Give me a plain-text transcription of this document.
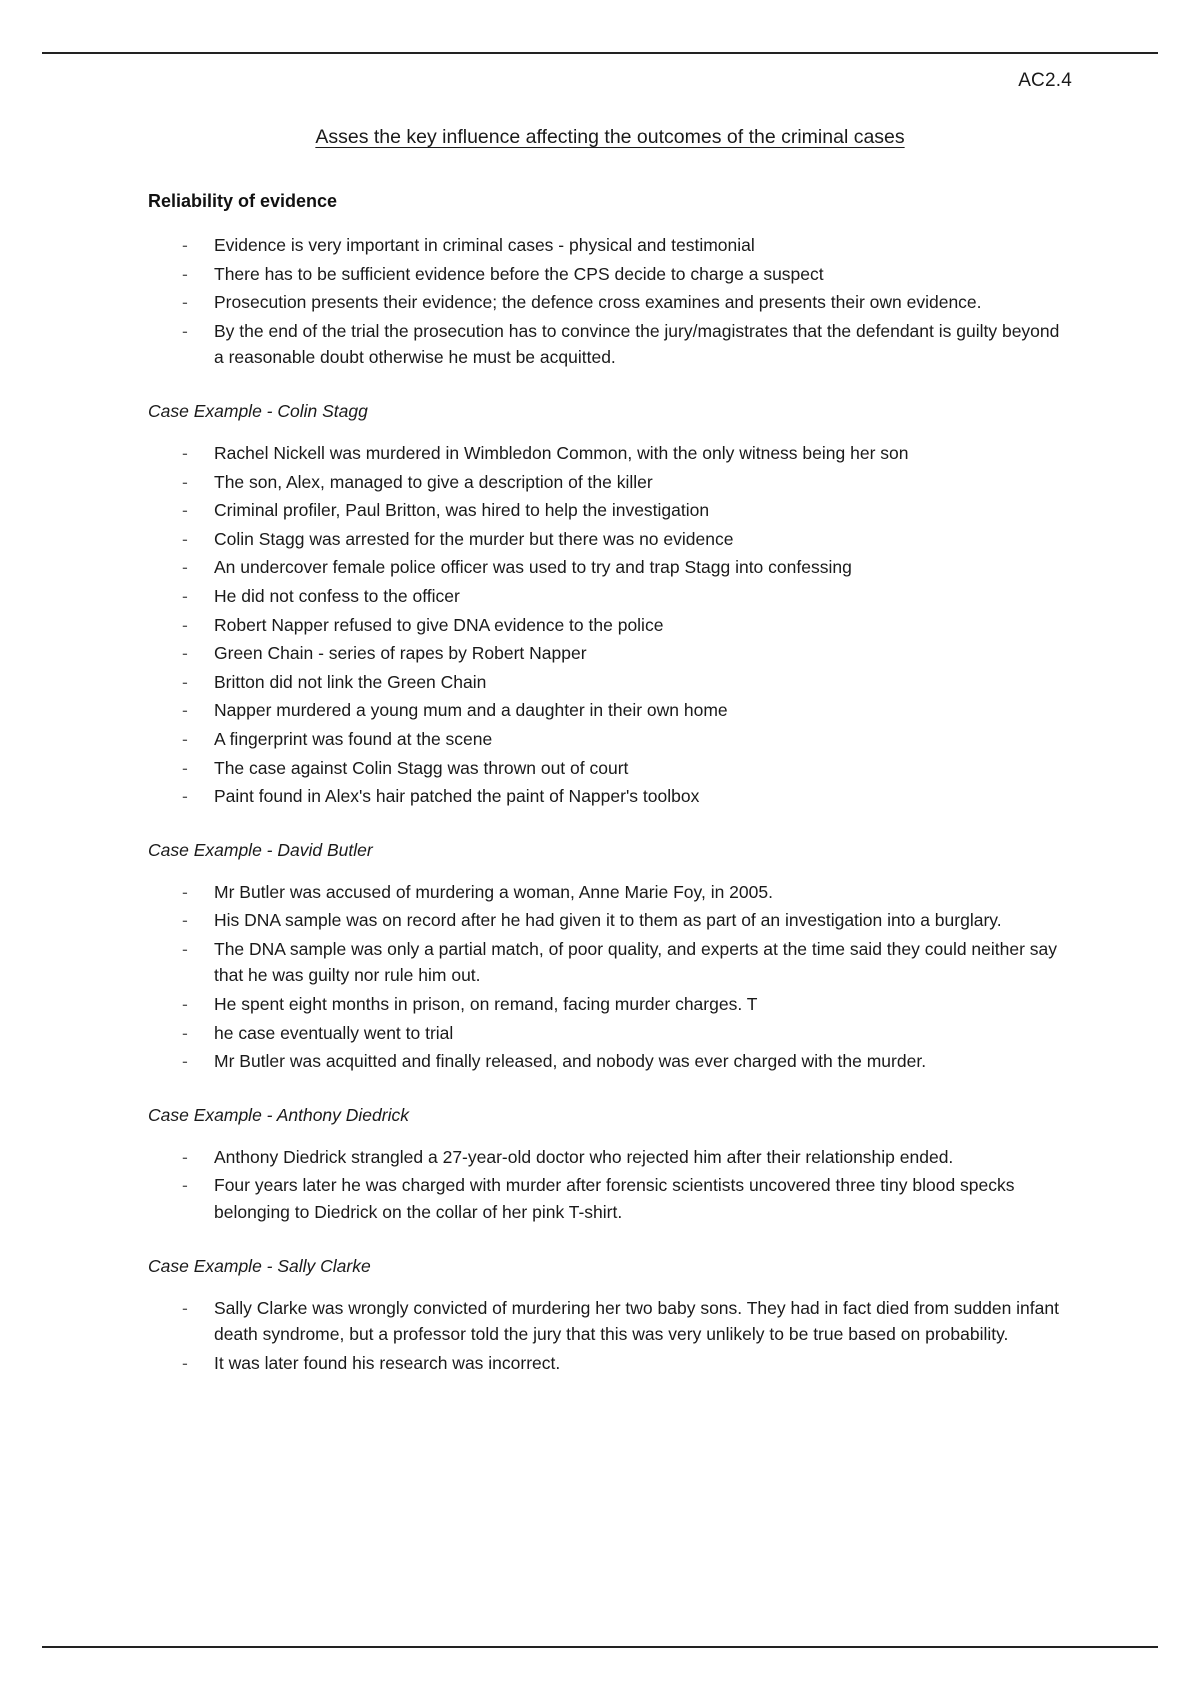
AC2.4
Asses the key influence affecting the outcomes of the criminal cases
Reliability of evidence
- Evidence is very important in criminal cases - physical and testimonial
- There has to be sufficient evidence before the CPS decide to charge a suspect
- Prosecution presents their evidence; the defence cross examines and presents their own evidence.
- By the end of the trial the prosecution has to convince the jury/magistrates that the defendant is guilty beyond a reasonable doubt otherwise he must be acquitted.
Case Example - Colin Stagg
- Rachel Nickell was murdered in Wimbledon Common, with the only witness being her son
- The son, Alex, managed to give a description of the killer
- Criminal profiler, Paul Britton, was hired to help the investigation
- Colin Stagg was arrested for the murder but there was no evidence
- An undercover female police officer was used to try and trap Stagg into confessing
- He did not confess to the officer
- Robert Napper refused to give DNA evidence to the police
- Green Chain - series of rapes by Robert Napper
- Britton did not link the Green Chain
- Napper murdered a young mum and a daughter in their own home
- A fingerprint was found at the scene
- The case against Colin Stagg was thrown out of court
- Paint found in Alex's hair patched the paint of Napper's toolbox
Case Example - David Butler
- Mr Butler was accused of murdering a woman, Anne Marie Foy, in 2005.
- His DNA sample was on record after he had given it to them as part of an investigation into a burglary.
- The DNA sample was only a partial match, of poor quality, and experts at the time said they could neither say that he was guilty nor rule him out.
- He spent eight months in prison, on remand, facing murder charges. T
- he case eventually went to trial
- Mr Butler was acquitted and finally released, and nobody was ever charged with the murder.
Case Example - Anthony Diedrick
- Anthony Diedrick strangled a 27-year-old doctor who rejected him after their relationship ended.
- Four years later he was charged with murder after forensic scientists uncovered three tiny blood specks belonging to Diedrick on the collar of her pink T-shirt.
Case Example - Sally Clarke
- Sally Clarke was wrongly convicted of murdering her two baby sons. They had in fact died from sudden infant death syndrome, but a professor told the jury that this was very unlikely to be true based on probability.
- It was later found his research was incorrect.
